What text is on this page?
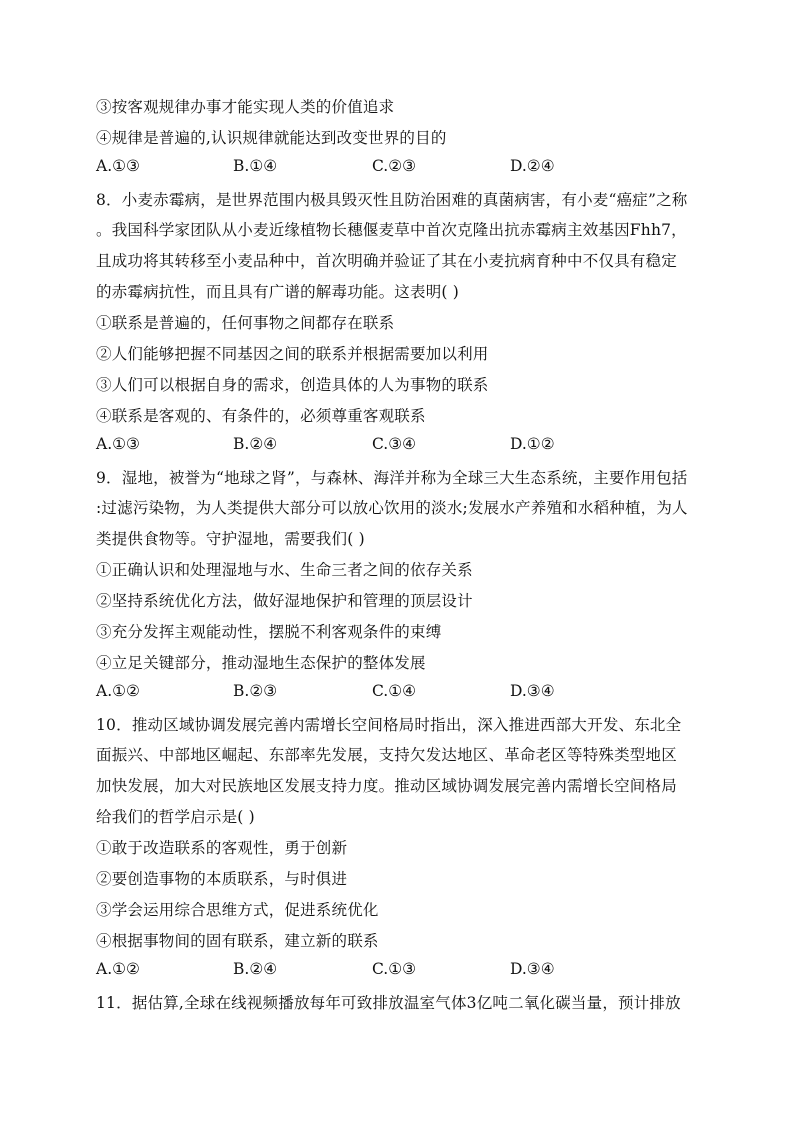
③按客观规律办事才能实现人类的价值追求
④规律是普遍的,认识规律就能达到改变世界的目的
A.①③	B.①④	C.②③	D.②④
8．小麦赤霉病，是世界范围内极具毁灭性且防治困难的真菌病害，有小麦“癌症”之称
。我国科学家团队从小麦近缘植物长穗偃麦草中首次克隆出抗赤霉病主效基因Fhh7，
且成功将其转移至小麦品种中，首次明确并验证了其在小麦抗病育种中不仅具有稳定
的赤霉病抗性，而且具有广谱的解毒功能。这表明( )
①联系是普遍的，任何事物之间都存在联系
②人们能够把握不同基因之间的联系并根据需要加以利用
③人们可以根据自身的需求，创造具体的人为事物的联系
④联系是客观的、有条件的，必须尊重客观联系
A.①③	B.②④	C.③④	D.①②
9．湿地，被誉为“地球之肾”，与森林、海洋并称为全球三大生态系统，主要作用包括
:过滤污染物，为人类提供大部分可以放心饮用的淡水;发展水产养殖和水稻种植，为人
类提供食物等。守护湿地，需要我们( )
①正确认识和处理湿地与水、生命三者之间的依存关系
②坚持系统优化方法，做好湿地保护和管理的顶层设计
③充分发挥主观能动性，摆脱不利客观条件的束缚
④立足关键部分，推动湿地生态保护的整体发展
A.①②	B.②③	C.①④	D.③④
10．推动区域协调发展完善内需增长空间格局时指出，深入推进西部大开发、东北全
面振兴、中部地区崛起、东部率先发展，支持欠发达地区、革命老区等特殊类型地区
加快发展，加大对民族地区发展支持力度。推动区域协调发展完善内需增长空间格局
给我们的哲学启示是( )
①敢于改造联系的客观性，勇于创新
②要创造事物的本质联系，与时俱进
③学会运用综合思维方式，促进系统优化
④根据事物间的固有联系，建立新的联系
A.①②	B.②④	C.①③	D.③④
11．据估算,全球在线视频播放每年可致排放温室气体3亿吨二氧化碳当量，预计排放
